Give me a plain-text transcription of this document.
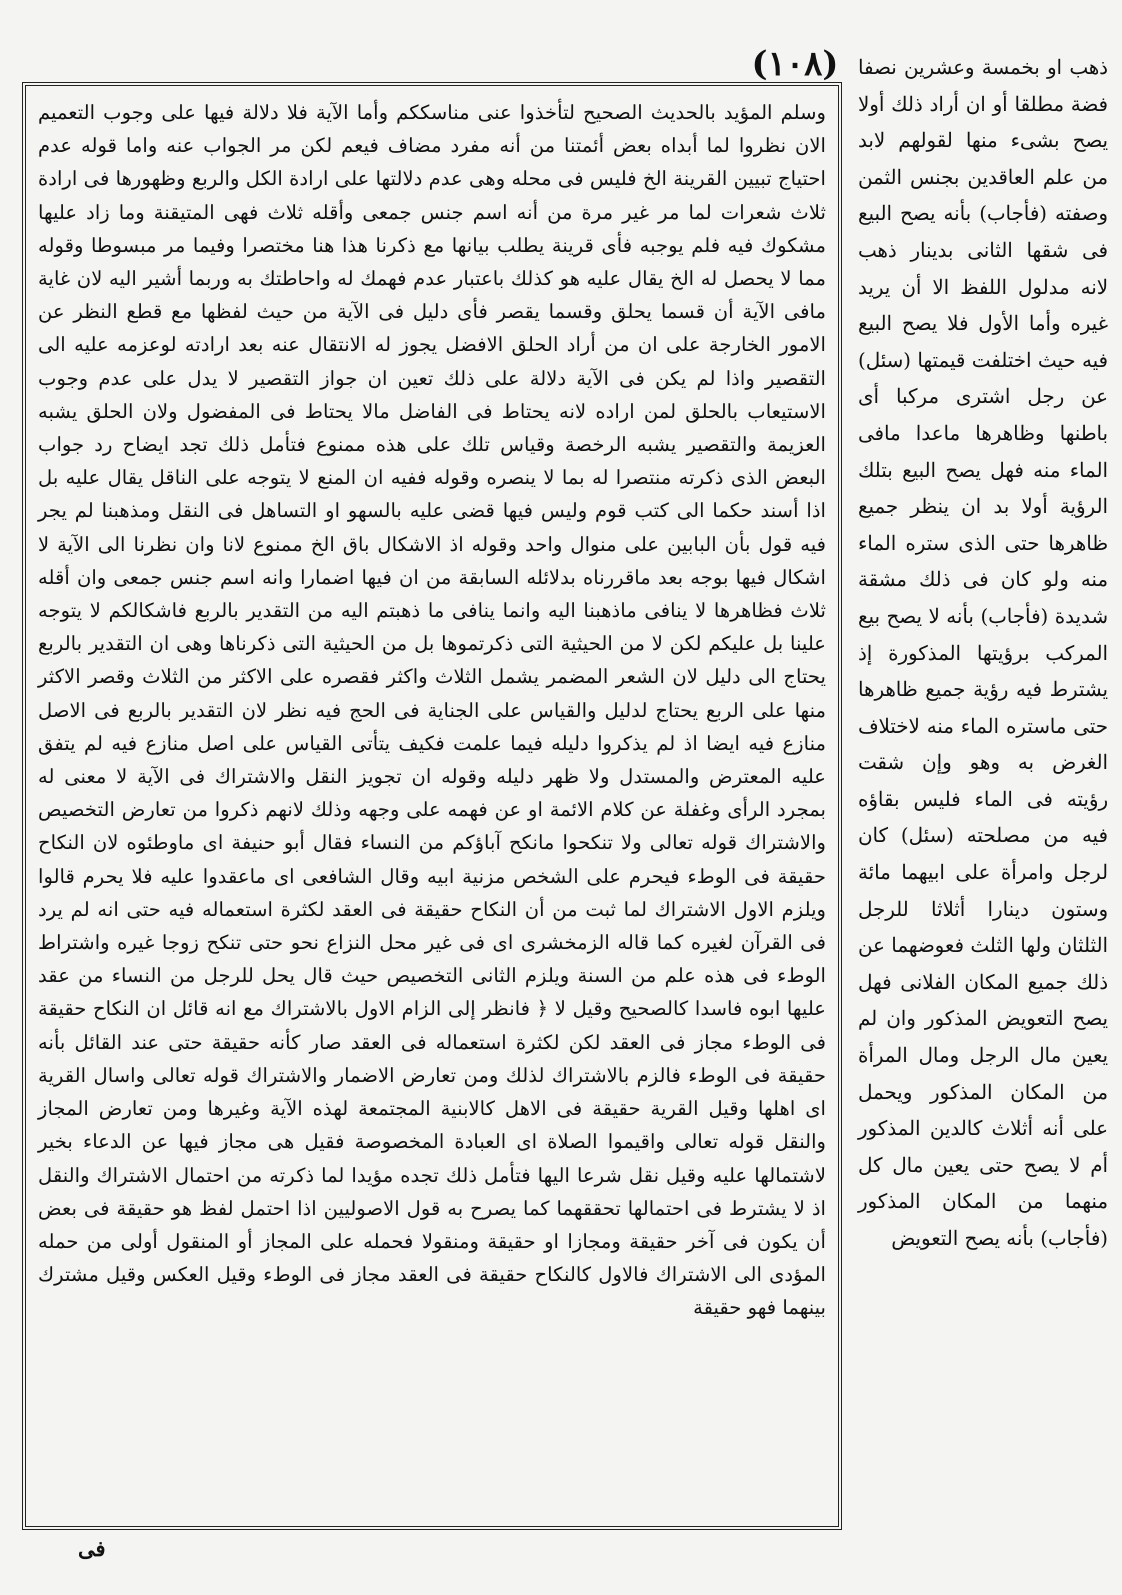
(١٠٨)
وسلم المؤيد بالحديث الصحيح لتأخذوا عنى مناسككم وأما الآية فلا دلالة فيها على وجوب التعميم الان نظروا لما أبداه بعض أئمتنا من أنه مفرد مضاف فيعم لكن مر الجواب عنه واما قوله عدم احتياج تبيين القرينة الخ فليس فى محله وهى عدم دلالتها على ارادة الكل والربع وظهورها فى ارادة ثلاث شعرات لما مر غير مرة من أنه اسم جنس جمعى وأقله ثلاث فهى المتيقنة وما زاد عليها مشكوك فيه فلم يوجبه فأى قرينة يطلب بيانها مع ذكرنا هذا هنا مختصرا وفيما مر مبسوطا وقوله مما لا يحصل له الخ يقال عليه هو كذلك باعتبار عدم فهمك له واحاطتك به وربما أشير اليه لان غاية مافى الآية أن قسما يحلق وقسما يقصر فأى دليل فى الآية من حيث لفظها مع قطع النظر عن الامور الخارجة على ان من أراد الحلق الافضل يجوز له الانتقال عنه بعد ارادته لوعزمه عليه الى التقصير واذا لم يكن فى الآية دلالة على ذلك تعين ان جواز التقصير لا يدل على عدم وجوب الاستيعاب بالحلق لمن اراده لانه يحتاط فى الفاضل مالا يحتاط فى المفضول ولان الحلق يشبه العزيمة والتقصير يشبه الرخصة وقياس تلك على هذه ممنوع فتأمل ذلك تجد ايضاح رد جواب البعض الذى ذكرته منتصرا له بما لا ينصره وقوله ففيه ان المنع لا يتوجه على الناقل يقال عليه بل اذا أسند حكما الى كتب قوم وليس فيها قضى عليه بالسهو او التساهل فى النقل ومذهبنا لم يجر فيه قول بأن البابين على منوال واحد وقوله اذ الاشكال باق الخ ممنوع لانا وان نظرنا الى الآية لا اشكال فيها بوجه بعد ماقررناه بدلائله السابقة من ان فيها اضمارا وانه اسم جنس جمعى وان أقله ثلاث فظاهرها لا ينافى ماذهبنا اليه وانما ينافى ما ذهبتم اليه من التقدير بالربع فاشكالكم لا يتوجه علينا بل عليكم لكن لا من الحيثية التى ذكرتموها بل من الحيثية التى ذكرناها وهى ان التقدير بالربع يحتاج الى دليل لان الشعر المضمر يشمل الثلاث واكثر فقصره على الاكثر من الثلاث وقصر الاكثر منها على الربع يحتاج لدليل والقياس على الجناية فى الحج فيه نظر لان التقدير بالربع فى الاصل منازع فيه ايضا اذ لم يذكروا دليله فيما علمت فكيف يتأتى القياس على اصل منازع فيه لم يتفق عليه المعترض والمستدل ولا ظهر دليله وقوله ان تجويز النقل والاشتراك فى الآية لا معنى له بمجرد الرأى وغفلة عن كلام الائمة او عن فهمه على وجهه وذلك لانهم ذكروا من تعارض التخصيص والاشتراك قوله تعالى ولا تنكحوا مانكح آباؤكم من النساء فقال أبو حنيفة اى ماوطئوه لان النكاح حقيقة فى الوطء فيحرم على الشخص مزنية ابيه وقال الشافعى اى ماعقدوا عليه فلا يحرم قالوا ويلزم الاول الاشتراك لما ثبت من أن النكاح حقيقة فى العقد لكثرة استعماله فيه حتى انه لم يرد فى القرآن لغيره كما قاله الزمخشرى اى فى غير محل النزاع نحو حتى تنكح زوجا غيره واشتراط الوطء فى هذه علم من السنة ويلزم الثانى التخصيص حيث قال يحل للرجل من النساء من عقد عليها ابوه فاسدا كالصحيح وقيل لا ﴿ فانظر إلى الزام الاول بالاشتراك مع انه قائل ان النكاح حقيقة فى الوطء مجاز فى العقد لكن لكثرة استعماله فى العقد صار كأنه حقيقة حتى عند القائل بأنه حقيقة فى الوطء فالزم بالاشتراك لذلك ومن تعارض الاضمار والاشتراك قوله تعالى واسال القرية اى اهلها وقيل القرية حقيقة فى الاهل كالابنية المجتمعة لهذه الآية وغيرها ومن تعارض المجاز والنقل قوله تعالى واقيموا الصلاة اى العبادة المخصوصة فقيل هى مجاز فيها عن الدعاء بخير لاشتمالها عليه وقيل نقل شرعا اليها فتأمل ذلك تجده مؤيدا لما ذكرته من احتمال الاشتراك والنقل اذ لا يشترط فى احتمالها تحققهما كما يصرح به قول الاصوليين اذا احتمل لفظ هو حقيقة فى بعض أن يكون فى آخر حقيقة ومجازا او حقيقة ومنقولا فحمله على المجاز أو المنقول أولى من حمله المؤدى الى الاشتراك فالاول كالنكاح حقيقة فى العقد مجاز فى الوطء وقيل العكس وقيل مشترك بينهما فهو حقيقة
ذهب او بخمسة وعشرين نصفا فضة مطلقا أو ان أراد ذلك أولا يصح بشىء منها لقولهم لابد من علم العاقدين بجنس الثمن وصفته (فأجاب) بأنه يصح البيع فى شقها الثانى بدينار ذهب لانه مدلول اللفظ الا أن يريد غيره وأما الأول فلا يصح البيع فيه حيث اختلفت قيمتها (سئل) عن رجل اشترى مركبا أى باطنها وظاهرها ماعدا مافى الماء منه فهل يصح البيع بتلك الرؤية أولا بد ان ينظر جميع ظاهرها حتى الذى ستره الماء منه ولو كان فى ذلك مشقة شديدة (فأجاب) بأنه لا يصح بيع المركب برؤيتها المذكورة إذ يشترط فيه رؤية جميع ظاهرها حتى ماستره الماء منه لاختلاف الغرض به وهو وإن شقت رؤيته فى الماء فليس بقاؤه فيه من مصلحته (سئل) كان لرجل وامرأة على ابيهما مائة وستون دينارا أثلاثا للرجل الثلثان ولها الثلث فعوضهما عن ذلك جميع المكان الفلانى فهل يصح التعويض المذكور وان لم يعين مال الرجل ومال المرأة من المكان المذكور ويحمل على أنه أثلاث كالدين المذكور أم لا يصح حتى يعين مال كل منهما من المكان المذكور (فأجاب) بأنه يصح التعويض
فى
